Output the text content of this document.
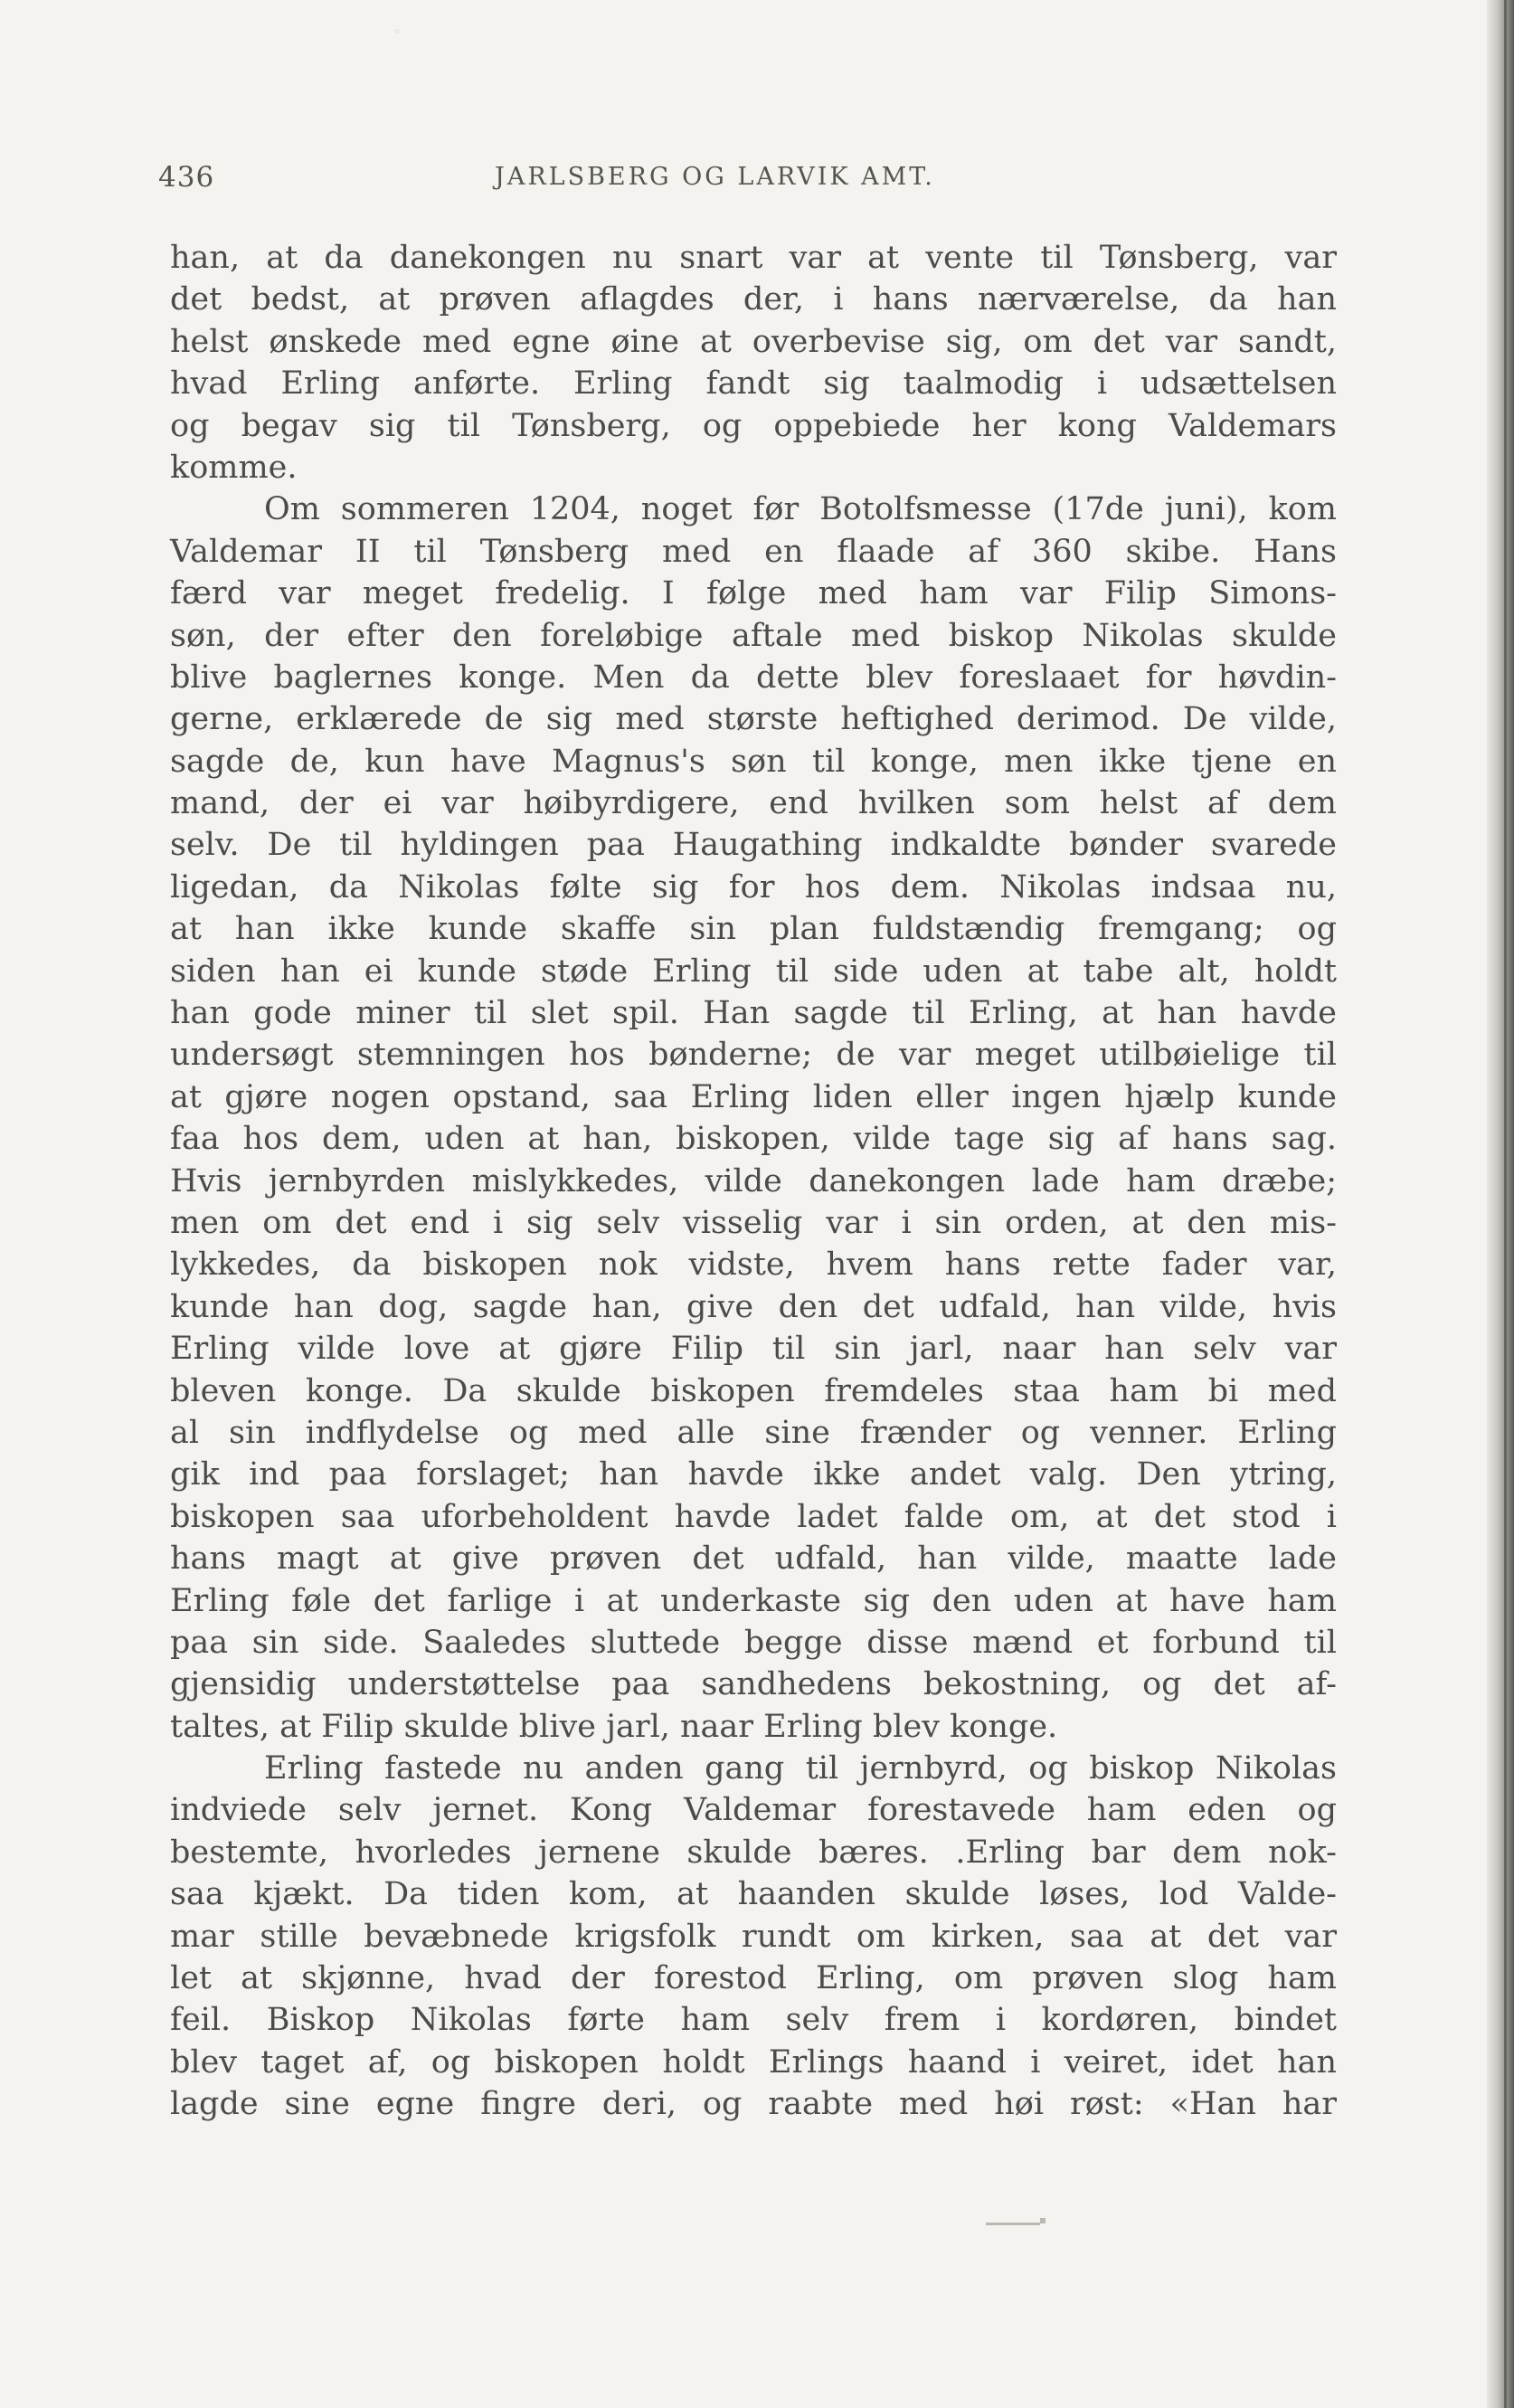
◦
436	JARLSBERG OG LARVIK AMT.
han, at da danekongen nu snart var at vente til Tønsberg, var
det bedst, at prøven aflagdes der, i hans nærværelse, da han
helst ønskede med egne øine at overbevise sig, om det var sandt,
hvad Erling anførte. Erling fandt sig taalmodig i udsættelsen
og begav sig til Tønsberg, og oppebiede her kong Valdemars
komme.
Om sommeren 1204, noget før Botolfsmesse (17de juni), kom
Valdemar II til Tønsberg med en flaade af 360 skibe. Hans
færd var meget fredelig. I følge med ham var Filip Simons-
søn, der efter den foreløbige aftale med biskop Nikolas skulde
blive baglernes konge. Men da dette blev foreslaaet for høvdin-
gerne, erklærede de sig med største heftighed derimod. De vilde,
sagde de, kun have Magnus's søn til konge, men ikke tjene en
mand, der ei var høibyrdigere, end hvilken som helst af dem
selv. De til hyldingen paa Haugathing indkaldte bønder svarede
ligedan, da Nikolas følte sig for hos dem. Nikolas indsaa nu,
at han ikke kunde skaffe sin plan fuldstændig fremgang; og
siden han ei kunde støde Erling til side uden at tabe alt, holdt
han gode miner til slet spil. Han sagde til Erling, at han havde
undersøgt stemningen hos bønderne; de var meget utilbøielige til
at gjøre nogen opstand, saa Erling liden eller ingen hjælp kunde
faa hos dem, uden at han, biskopen, vilde tage sig af hans sag.
Hvis jernbyrden mislykkedes, vilde danekongen lade ham dræbe;
men om det end i sig selv visselig var i sin orden, at den mis-
lykkedes, da biskopen nok vidste, hvem hans rette fader var,
kunde han dog, sagde han, give den det udfald, han vilde, hvis
Erling vilde love at gjøre Filip til sin jarl, naar han selv var
bleven konge. Da skulde biskopen fremdeles staa ham bi med
al sin indflydelse og med alle sine frænder og venner. Erling
gik ind paa forslaget; han havde ikke andet valg. Den ytring,
biskopen saa uforbeholdent havde ladet falde om, at det stod i
hans magt at give prøven det udfald, han vilde, maatte lade
Erling føle det farlige i at underkaste sig den uden at have ham
paa sin side. Saaledes sluttede begge disse mænd et forbund til
gjensidig understøttelse paa sandhedens bekostning, og det af-
taltes, at Filip skulde blive jarl, naar Erling blev konge.
Erling fastede nu anden gang til jernbyrd, og biskop Nikolas
indviede selv jernet. Kong Valdemar forestavede ham eden og
bestemte, hvorledes jernene skulde bæres. .Erling bar dem nok-
saa kjækt. Da tiden kom, at haanden skulde løses, lod Valde-
mar stille bevæbnede krigsfolk rundt om kirken, saa at det var
let at skjønne, hvad der forestod Erling, om prøven slog ham
feil. Biskop Nikolas førte ham selv frem i kordøren, bindet
blev taget af, og biskopen holdt Erlings haand i veiret, idet han
lagde sine egne fingre deri, og raabte med høi røst: «Han har
